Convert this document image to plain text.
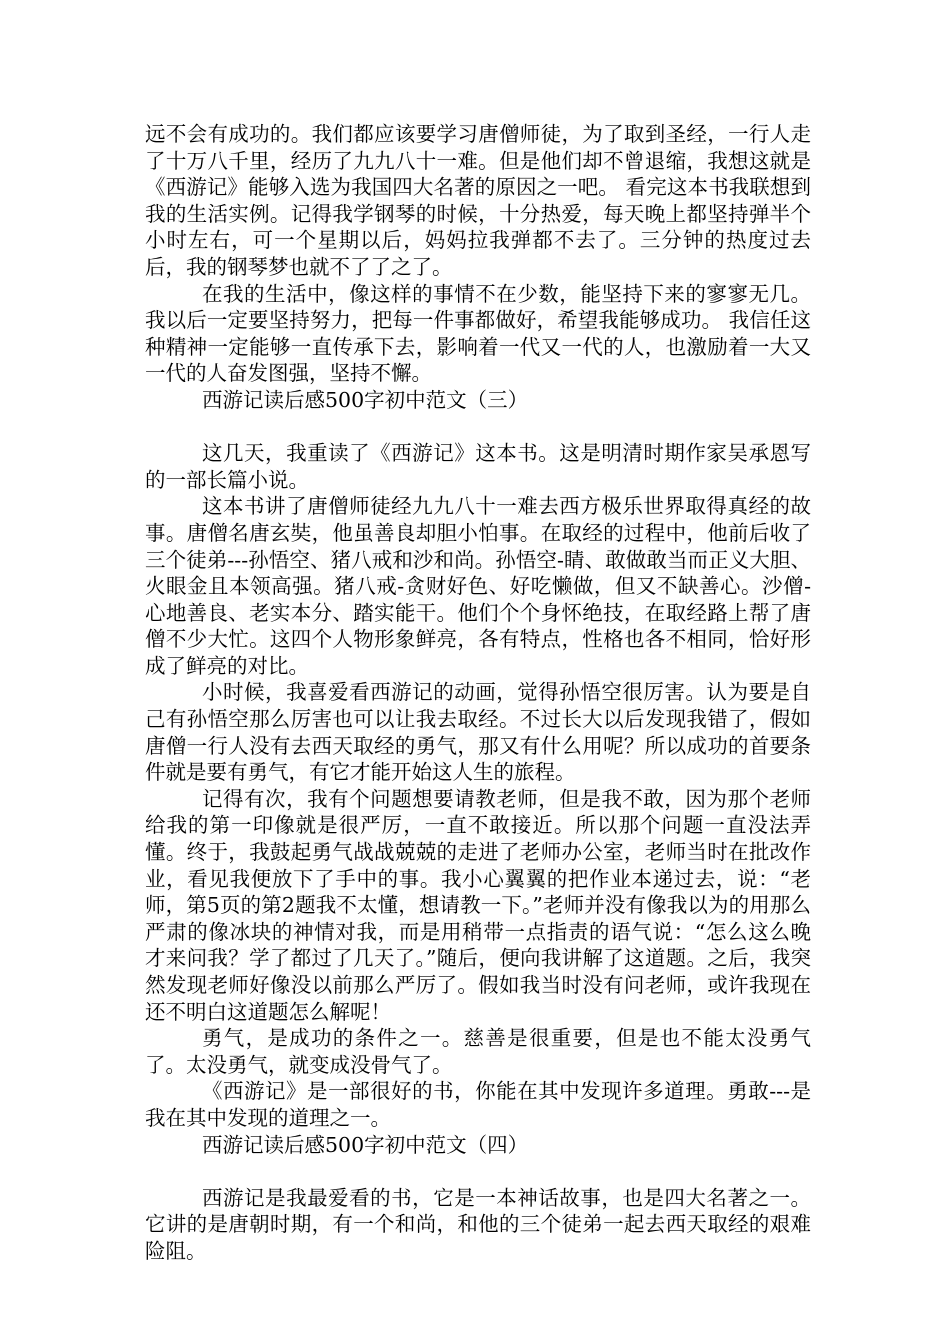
远不会有成功的。我们都应该要学习唐僧师徒，为了取到圣经，一行人走了十万八千里，经历了九九八十一难。但是他们却不曾退缩，我想这就是《西游记》能够入选为我国四大名著的原因之一吧。 看完这本书我联想到我的生活实例。记得我学钢琴的时候，十分热爱，每天晚上都坚持弹半个小时左右，可一个星期以后，妈妈拉我弹都不去了。三分钟的热度过去后，我的钢琴梦也就不了了之了。

在我的生活中，像这样的事情不在少数，能坚持下来的寥寥无几。我以后一定要坚持努力，把每一件事都做好，希望我能够成功。 我信任这种精神一定能够一直传承下去，影响着一代又一代的人，也激励着一大又一代的人奋发图强，坚持不懈。

西游记读后感500字初中范文（三）

这几天，我重读了《西游记》这本书。这是明清时期作家吴承恩写的一部长篇小说。

这本书讲了唐僧师徒经九九八十一难去西方极乐世界取得真经的故事。唐僧名唐玄奘，他虽善良却胆小怕事。在取经的过程中，他前后收了三个徒弟---孙悟空、猪八戒和沙和尚。孙悟空-睛、敢做敢当而正义大胆、火眼金且本领高强。猪八戒-贪财好色、好吃懒做，但又不缺善心。沙僧-心地善良、老实本分、踏实能干。他们个个身怀绝技，在取经路上帮了唐僧不少大忙。这四个人物形象鲜亮，各有特点，性格也各不相同，恰好形成了鲜亮的对比。

小时候，我喜爱看西游记的动画，觉得孙悟空很厉害。认为要是自己有孙悟空那么厉害也可以让我去取经。不过长大以后发现我错了，假如唐僧一行人没有去西天取经的勇气，那又有什么用呢？所以成功的首要条件就是要有勇气，有它才能开始这人生的旅程。

记得有次，我有个问题想要请教老师，但是我不敢，因为那个老师给我的第一印像就是很严厉，一直不敢接近。所以那个问题一直没法弄懂。终于，我鼓起勇气战战兢兢的走进了老师办公室，老师当时在批改作业，看见我便放下了手中的事。我小心翼翼的把作业本递过去，说：“老师，第5页的第2题我不太懂，想请教一下。”老师并没有像我以为的用那么严肃的像冰块的神情对我，而是用稍带一点指责的语气说：“怎么这么晚才来问我？学了都过了几天了。”随后，便向我讲解了这道题。之后，我突然发现老师好像没以前那么严厉了。假如我当时没有问老师，或许我现在还不明白这道题怎么解呢！

勇气，是成功的条件之一。慈善是很重要，但是也不能太没勇气了。太没勇气，就变成没骨气了。

《西游记》是一部很好的书，你能在其中发现许多道理。勇敢---是我在其中发现的道理之一。

西游记读后感500字初中范文（四）

西游记是我最爱看的书，它是一本神话故事，也是四大名著之一。它讲的是唐朝时期，有一个和尚，和他的三个徒弟一起去西天取经的艰难险阻。
